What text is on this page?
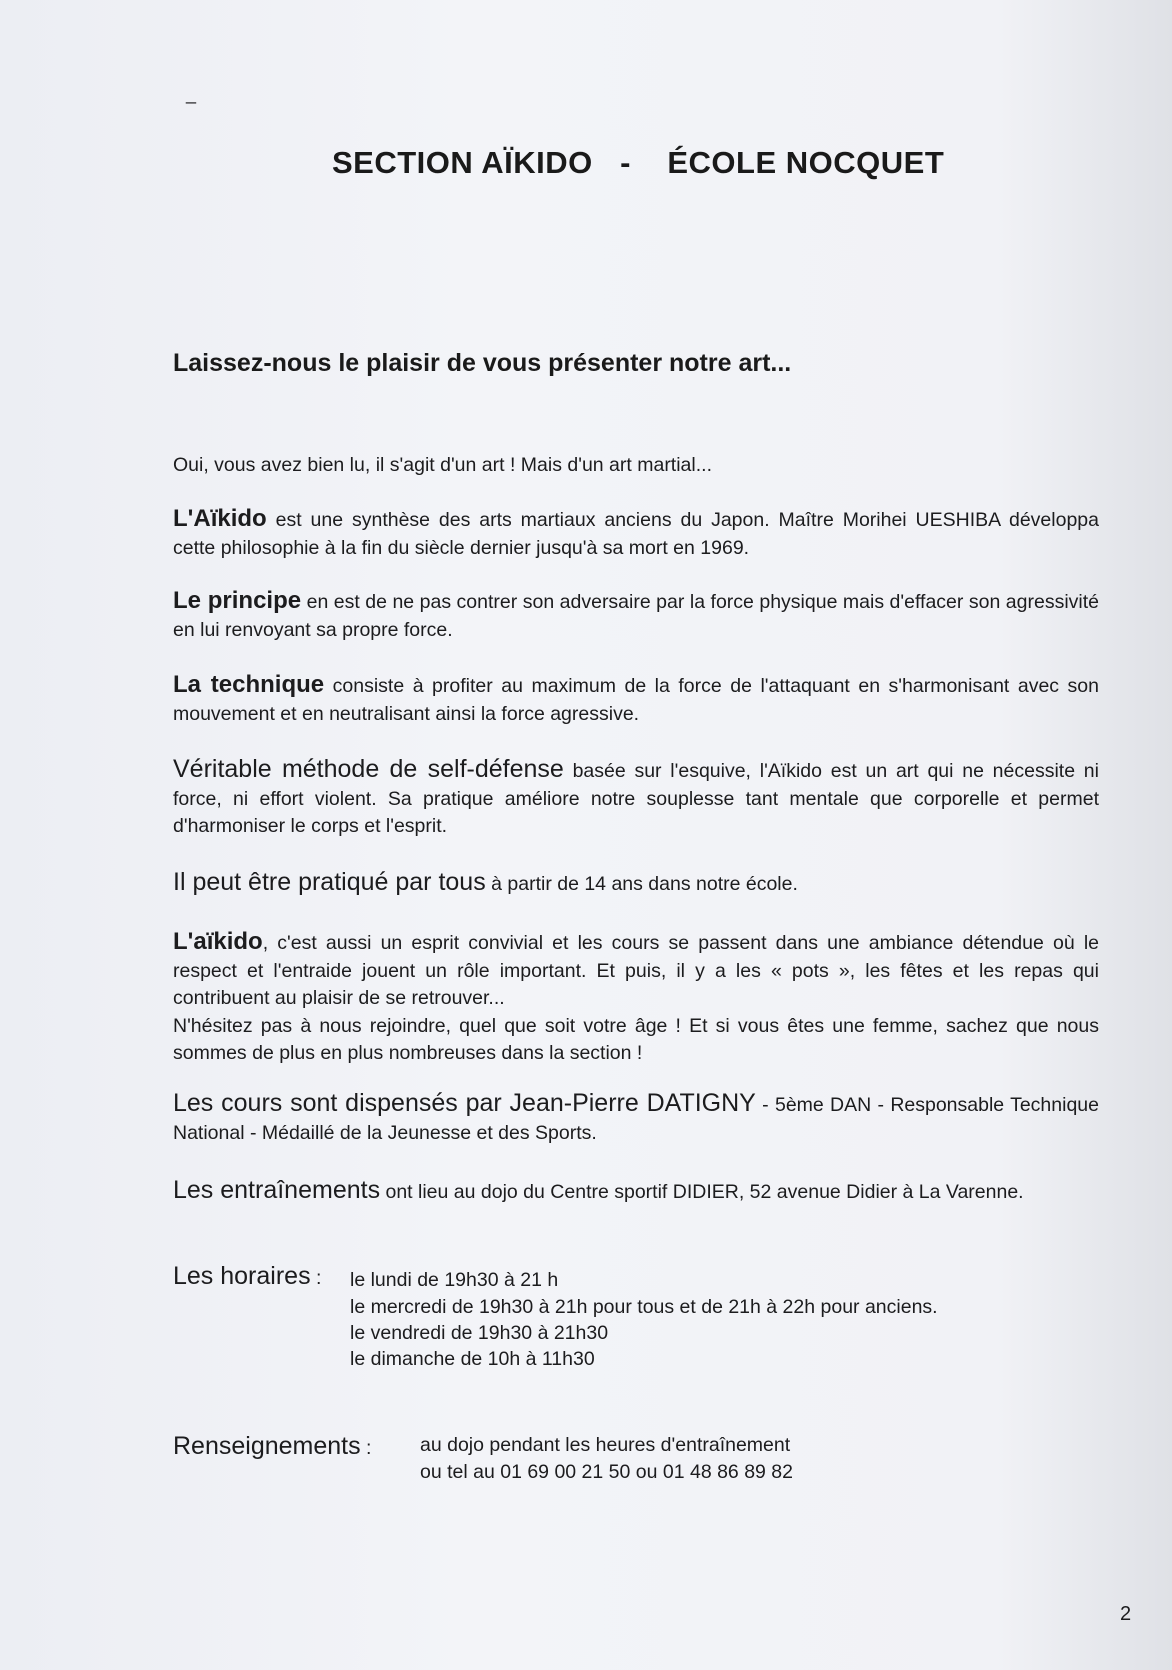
_
SECTION AÏKIDO   -    ÉCOLE NOCQUET
Laissez-nous le plaisir de vous présenter notre art...
Oui, vous avez bien lu, il s'agit d'un art ! Mais d'un art martial...
L'Aïkido est une synthèse des arts martiaux anciens du Japon. Maître Morihei UESHIBA développa cette philosophie à la fin du siècle dernier jusqu'à sa mort en 1969.
Le principe en est de ne pas contrer son adversaire par la force physique mais d'effacer son agressivité en lui renvoyant sa propre force.
La technique consiste à profiter au maximum de la force de l'attaquant en s'harmonisant avec son mouvement et en neutralisant ainsi la force agressive.
Véritable méthode de self-défense basée sur l'esquive, l'Aïkido est un art qui ne nécessite ni force, ni effort violent. Sa pratique améliore notre souplesse tant mentale que corporelle et permet d'harmoniser le corps et l'esprit.
Il peut être pratiqué par tous à partir de 14 ans dans notre école.
L'aïkido, c'est aussi un esprit convivial et les cours se passent dans une ambiance détendue où le respect et l'entraide jouent un rôle important. Et puis, il y a les « pots », les fêtes et les repas qui contribuent au plaisir de se retrouver...
N'hésitez pas à nous rejoindre, quel que soit votre âge ! Et si vous êtes une femme, sachez que nous sommes de plus en plus nombreuses dans la section !
Les cours sont dispensés par Jean-Pierre DATIGNY - 5ème DAN - Responsable Technique National - Médaillé de la Jeunesse et des Sports.
Les entraînements ont lieu au dojo du Centre sportif DIDIER, 52 avenue Didier à La Varenne.
Les horaires : le lundi de 19h30 à 21 h
le mercredi de 19h30 à 21h pour tous et de 21h à 22h pour anciens.
le vendredi de 19h30 à 21h30
le dimanche de 10h à 11h30
Renseignements : au dojo pendant les heures d'entraînement
ou tel au 01 69 00 21 50 ou 01 48 86 89 82
2
